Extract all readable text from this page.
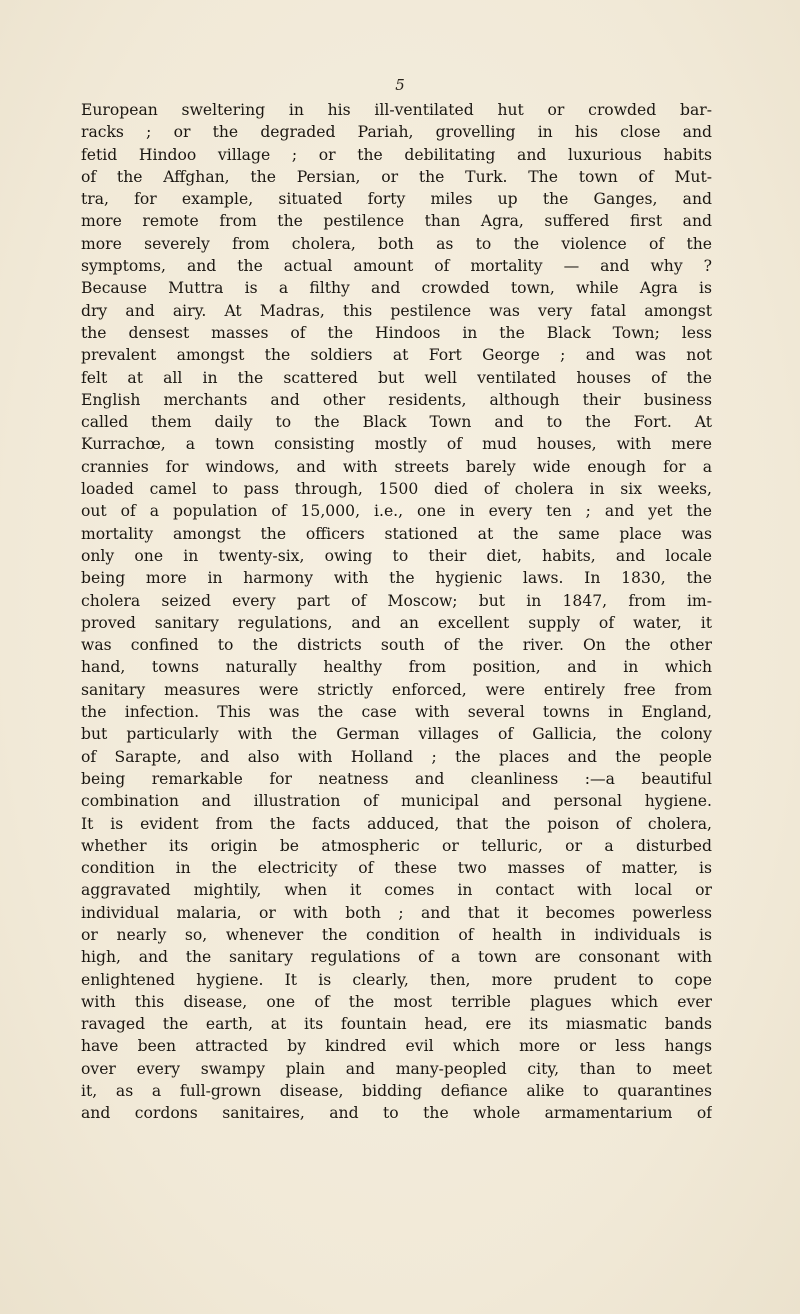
5
European sweltering in his ill-ventilated hut or crowded bar-
racks ; or the degraded Pariah, grovelling in his close and
fetid Hindoo village ; or the debilitating and luxurious habits
of the Affghan, the Persian, or the Turk. The town of Mut-
tra, for example, situated forty miles up the Ganges, and
more remote from the pestilence than Agra, suffered first and
more severely from cholera, both as to the violence of the
symptoms, and the actual amount of mortality — and why ?
Because Muttra is a filthy and crowded town, while Agra is
dry and airy. At Madras, this pestilence was very fatal amongst
the densest masses of the Hindoos in the Black Town; less
prevalent amongst the soldiers at Fort George ; and was not
felt at all in the scattered but well ventilated houses of the
English merchants and other residents, although their business
called them daily to the Black Town and to the Fort. At
Kurrachœ, a town consisting mostly of mud houses, with mere
crannies for windows, and with streets barely wide enough for a
loaded camel to pass through, 1500 died of cholera in six weeks,
out of a population of 15,000, i.e., one in every ten ; and yet the
mortality amongst the officers stationed at the same place was
only one in twenty-six, owing to their diet, habits, and locale
being more in harmony with the hygienic laws. In 1830, the
cholera seized every part of Moscow; but in 1847, from im-
proved sanitary regulations, and an excellent supply of water, it
was confined to the districts south of the river. On the other
hand, towns naturally healthy from position, and in which
sanitary measures were strictly enforced, were entirely free from
the infection. This was the case with several towns in England,
but particularly with the German villages of Gallicia, the colony
of Sarapte, and also with Holland ; the places and the people
being remarkable for neatness and cleanliness :—a beautiful
combination and illustration of municipal and personal hygiene.
It is evident from the facts adduced, that the poison of cholera,
whether its origin be atmospheric or telluric, or a disturbed
condition in the electricity of these two masses of matter, is
aggravated mightily, when it comes in contact with local or
individual malaria, or with both ; and that it becomes powerless
or nearly so, whenever the condition of health in individuals is
high, and the sanitary regulations of a town are consonant with
enlightened hygiene. It is clearly, then, more prudent to cope
with this disease, one of the most terrible plagues which ever
ravaged the earth, at its fountain head, ere its miasmatic bands
have been attracted by kindred evil which more or less hangs
over every swampy plain and many-peopled city, than to meet
it, as a full-grown disease, bidding defiance alike to quarantines
and cordons sanitaires, and to the whole armamentarium of
